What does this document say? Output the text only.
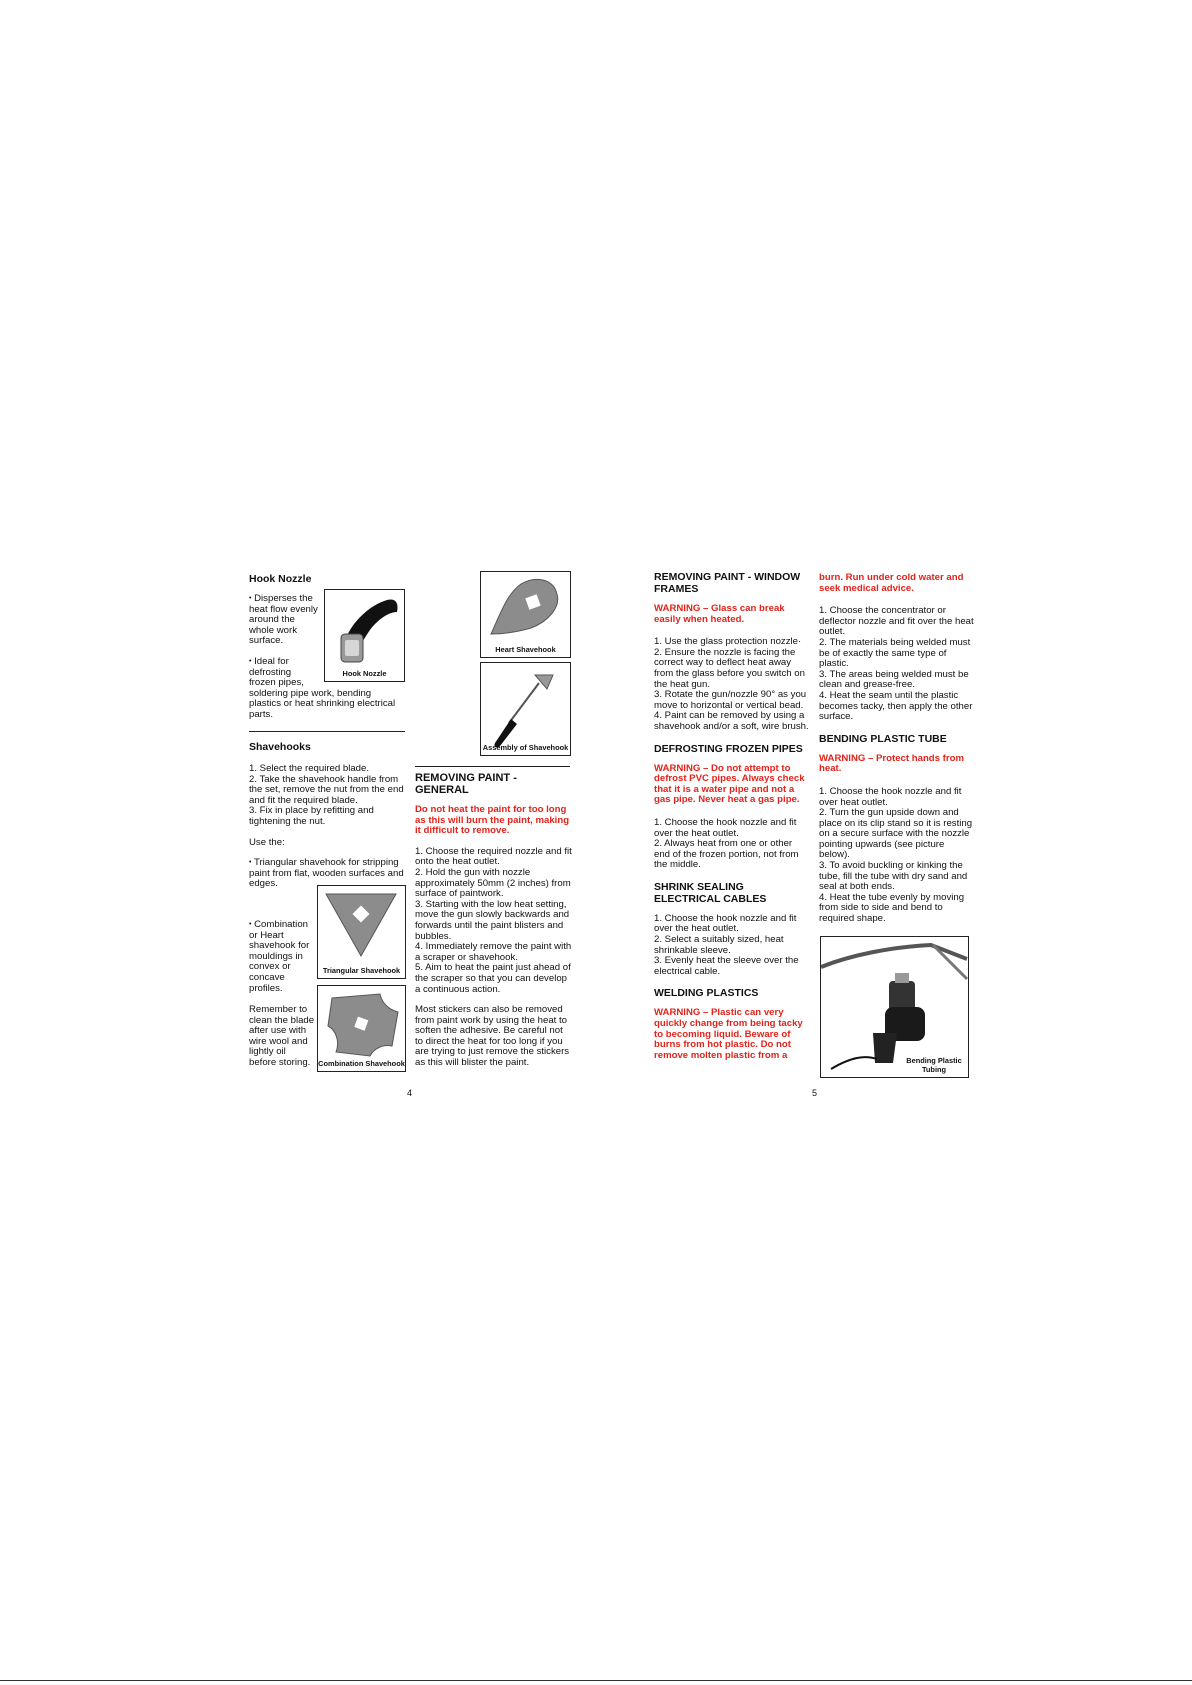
Hook Nozzle
• Disperses the heat flow evenly around the whole work surface.
• Ideal for defrosting frozen pipes,
soldering pipe work, bending plastics or heat shrinking electrical parts.
Hook Nozzle
Shavehooks
1. Select the required blade.
2. Take the shavehook handle from the set, remove the nut from the end and fit the required blade.
3. Fix in place by refitting and tightening the nut.

Use the:

• Triangular shavehook for stripping paint from flat, wooden surfaces and edges.
• Combination or Heart shavehook for mouldings in convex or concave profiles.
Remember to clean the blade after use with wire wool and lightly oil before storing.
Triangular Shavehook
Combination Shavehook
Heart Shavehook
Assembly of Shavehook
REMOVING PAINT - GENERAL
Do not heat the paint for too long as this will burn the paint, making it difficult to remove.
1. Choose the required nozzle and fit onto the heat outlet.
2. Hold the gun with nozzle approximately 50mm (2 inches) from surface of paintwork.
3. Starting with the low heat setting, move the gun slowly backwards and forwards until the paint blisters and bubbles.
4. Immediately remove the paint with a scraper or shavehook.
5. Aim to heat the paint just ahead of the scraper so that you can develop a continuous action.

Most stickers can also be removed from paint work by using the heat to soften the adhesive. Be careful not to direct the heat for too long if you are trying to just remove the stickers as this will blister the paint.

4
REMOVING PAINT - WINDOW FRAMES
WARNING – Glass can break easily when heated.
1. Use the glass protection nozzle·
2. Ensure the nozzle is facing the correct way to deflect heat away from the glass before you switch on the heat gun.
3. Rotate the gun/nozzle 90° as you move to horizontal or vertical bead.
4. Paint can be removed by using a shavehook and/or a soft, wire brush.
DEFROSTING FROZEN PIPES
WARNING – Do not attempt to defrost PVC pipes. Always check that it is a water pipe and not a gas pipe. Never heat a gas pipe.
1. Choose the hook nozzle and fit over the heat outlet.
2. Always heat from one or other end of the frozen portion, not from the middle.
SHRINK SEALING ELECTRICAL CABLES
1. Choose the hook nozzle and fit over the heat outlet.
2. Select a suitably sized, heat shrinkable sleeve.
3. Evenly heat the sleeve over the electrical cable.
WELDING PLASTICS
WARNING – Plastic can very quickly change from being tacky to becoming liquid. Beware of burns from hot plastic. Do not remove molten plastic from a
burn. Run under cold water and seek medical advice.
1. Choose the concentrator or deflector nozzle and fit over the heat outlet.
2. The materials being welded must be of exactly the same type of plastic.
3. The areas being welded must be clean and grease-free.
4. Heat the seam until the plastic becomes tacky, then apply the other surface.
BENDING PLASTIC TUBE
WARNING – Protect hands from heat.
1. Choose the hook nozzle and fit over heat outlet.
2. Turn the gun upside down and place on its clip stand so it is resting on a secure surface with the nozzle pointing upwards (see picture below).
3. To avoid buckling or kinking the tube, fill the tube with dry sand and seal at both ends.
4. Heat the tube evenly by moving from side to side and bend to required shape.
Bending Plastic
Tubing
5
